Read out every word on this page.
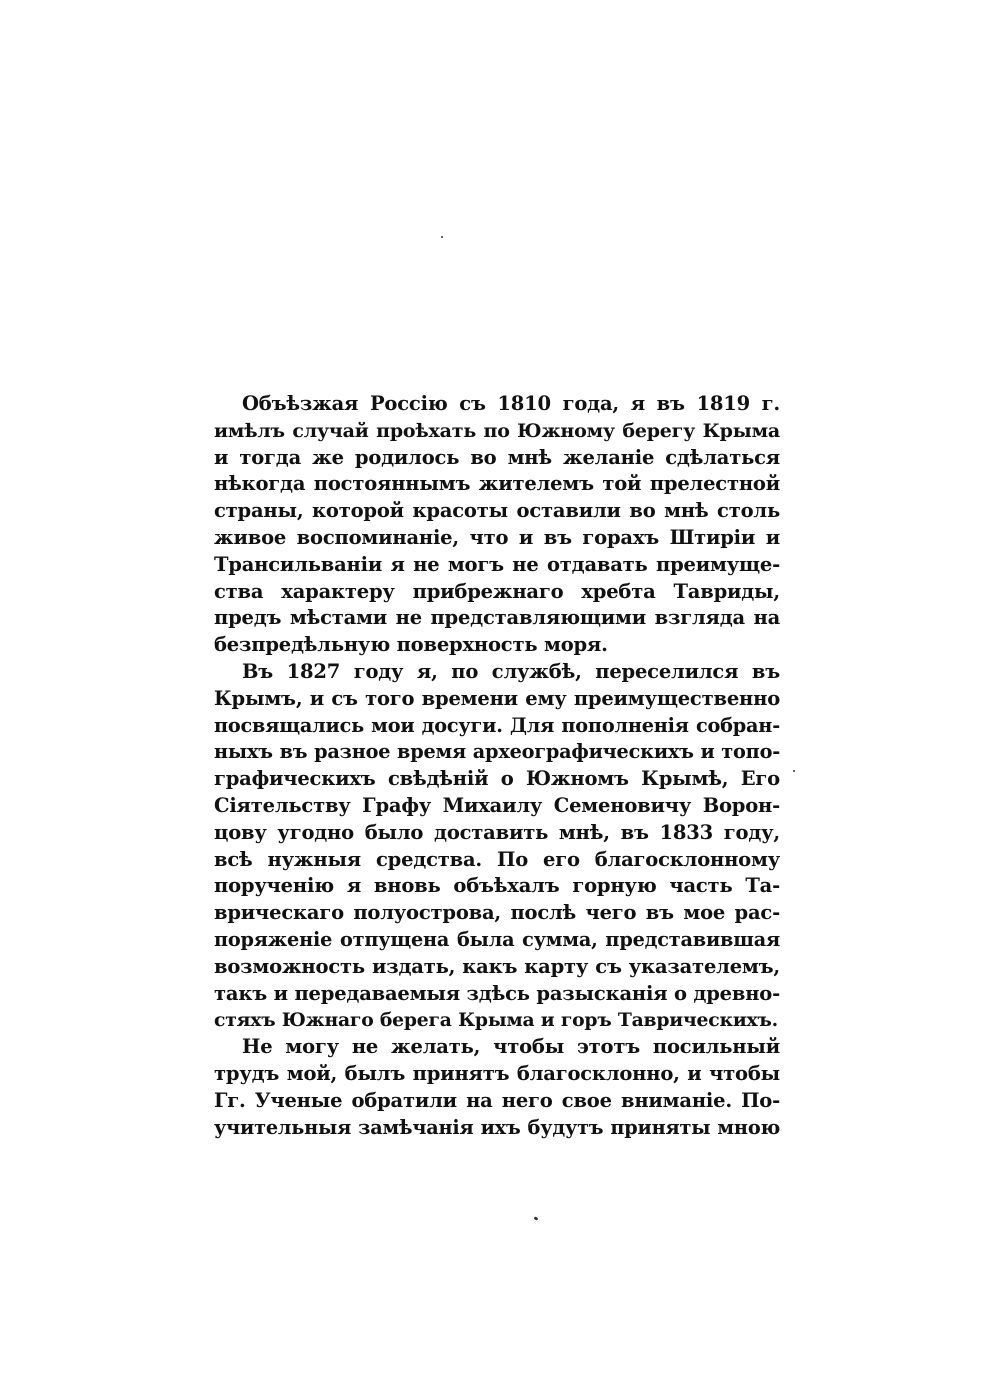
Объѣзжая Россію съ 1810 года, я въ 1819 г.
имѣлъ случай проѣхать по Южному берегу Крыма
и тогда же родилось во мнѣ желаніе сдѣлаться
нѣкогда постояннымъ жителемъ той прелестной
страны, которой красоты оставили во мнѣ столь
живое воспоминаніе, что и въ горахъ Штиріи и
Трансильваніи я не могъ не отдавать преимуще-
ства характеру прибрежнаго хребта Тавриды,
предъ мѣстами не представляющими взгляда на
безпредѣльную поверхность моря.
Въ 1827 году я, по службѣ, переселился въ
Крымъ, и съ того времени ему преимущественно
посвящались мои досуги. Для пополненія собран-
ныхъ въ разное время археографическихъ и топо-
графическихъ свѣдѣній о Южномъ Крымѣ, Его
Сіятельству Графу Михаилу Семеновичу Ворон-
цову угодно было доставить мнѣ, въ 1833 году,
всѣ нужныя средства. По его благосклонному
порученію я вновь объѣхалъ горную часть Та-
врическаго полуострова, послѣ чего въ мое рас-
поряженіе отпущена была сумма, представившая
возможность издать, какъ карту съ указателемъ,
такъ и передаваемыя здѣсь разысканія о древно-
стяхъ Южнаго берега Крыма и горъ Таврическихъ.
Не могу не желать, чтобы этотъ посильный
трудъ мой, былъ принятъ благосклонно, и чтобы
Гг. Ученые обратили на него свое вниманіе. По-
учительныя замѣчанія ихъ будутъ приняты мною
